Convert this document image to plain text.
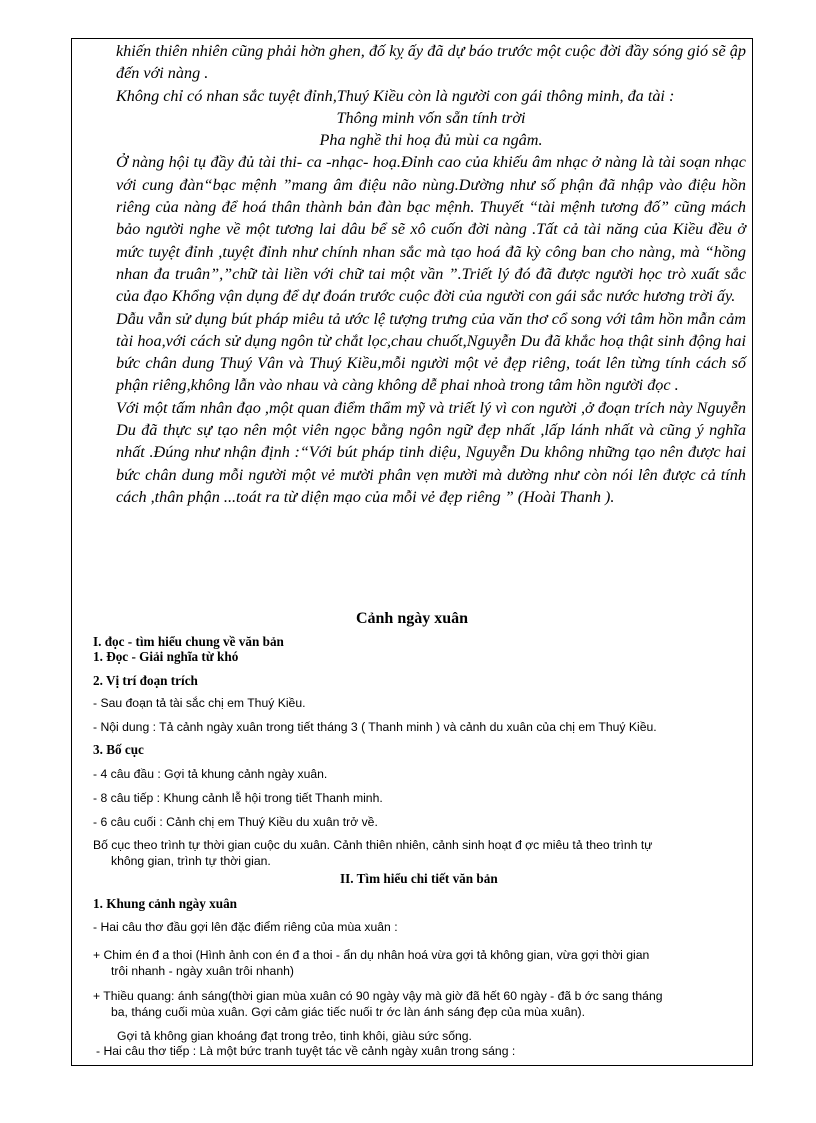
khiến thiên nhiên cũng phải hờn ghen, đố kỵ ấy đã dự báo trước một cuộc đời đầy sóng gió sẽ ập đến với nàng .

Không chỉ có nhan sắc tuyệt đỉnh,Thuý Kiều còn là người con gái thông minh, đa tài :

Thông minh vốn sẵn tính trời

Pha nghề thi hoạ đủ mùi ca ngâm.

Ở nàng hội tụ đầy đủ tài thi- ca -nhạc- hoạ.Đỉnh cao của khiếu âm nhạc ở nàng là tài soạn nhạc với cung đàn“bạc mệnh ”mang âm điệu não nùng.Dường như số phận đã nhập vào điệu hồn riêng của nàng để hoá thân thành bản đàn bạc mệnh. Thuyết “tài mệnh tương đố” cũng mách bảo người nghe về một tương lai dâu bể sẽ xô cuốn đời nàng .Tất cả tài năng của Kiều đều ở mức tuyệt đỉnh ,tuyệt đỉnh như chính nhan sắc mà tạo hoá đã kỳ công ban cho nàng, mà “hồng nhan đa truân”,”chữ tài liền với chữ tai một vần ”.Triết lý đó đã được người học trò xuất sắc của đạo Khổng vận dụng để dự đoán trước cuộc đời của người con gái sắc nước hương trời ấy.

Dẫu vẫn sử dụng bút pháp miêu tả ước lệ tượng trưng của văn thơ cổ song với tâm hồn mẫn cảm tài hoa,với cách sử dụng ngôn từ chắt lọc,chau chuốt,Nguyễn Du đã khắc hoạ thật sinh động hai bức chân dung Thuý Vân và Thuý Kiều,mỗi người một vẻ đẹp riêng, toát lên từng tính cách số phận riêng,không lẫn vào nhau và càng không dễ phai nhoà trong tâm hồn người đọc .

Với một tấm nhân đạo ,một quan điểm thẩm mỹ và triết lý vì con người ,ở đoạn trích này Nguyễn Du đã thực sự tạo nên một viên ngọc bằng ngôn ngữ đẹp nhất ,lấp lánh nhất và cũng ý nghĩa nhất .Đúng như nhận định :“Với bút pháp tinh diệu, Nguyễn Du không những tạo nên được hai bức chân dung mỗi người một vẻ mười phân vẹn mười mà dường như còn nói lên được cả tính cách ,thân phận ...toát ra từ diện mạo của mỗi vẻ đẹp riêng ” (Hoài Thanh ).

Cảnh ngày xuân
I. đọc - tìm hiểu chung về văn bản
1. Đọc - Giải nghĩa từ khó
2. Vị trí đoạn trích
- Sau đoạn tả tài sắc chị em Thuý Kiều.
- Nội dung : Tả cảnh ngày xuân trong tiết tháng 3 ( Thanh minh ) và cảnh du xuân của chị em Thuý Kiều.
3. Bố cục
- 4 câu đầu : Gợi tả khung cảnh ngày xuân.
- 8 câu tiếp : Khung cảnh lễ hội trong tiết Thanh minh.
- 6 câu cuối : Cảnh chị em Thuý Kiều du xuân trở về.
Bố cục theo trình tự thời gian cuộc du xuân. Cảnh thiên nhiên, cảnh sinh hoạt đ ợc miêu tả theo trình tự
không gian, trình tự thời gian.
II. Tìm hiểu chi tiết văn bản
1. Khung cảnh ngày xuân
- Hai câu thơ đầu gợi lên đặc điểm riêng của mùa xuân :
+ Chim én đ a thoi (Hình ảnh con én đ a thoi - ẩn dụ nhân hoá vừa gợi tả không gian, vừa gợi thời gian
trôi nhanh - ngày xuân trôi nhanh)
+ Thiều quang: ánh sáng(thời gian mùa xuân có 90 ngày vậy mà giờ đã hết 60 ngày - đã b ớc sang tháng
ba, tháng cuối mùa xuân. Gợi cảm giác tiếc nuối tr ớc làn ánh sáng đẹp của mùa xuân).
Gợi tả không gian khoáng đạt trong trẻo, tinh khôi, giàu sức sống.
- Hai câu thơ tiếp : Là một bức tranh tuyệt tác về cảnh ngày xuân trong sáng :
